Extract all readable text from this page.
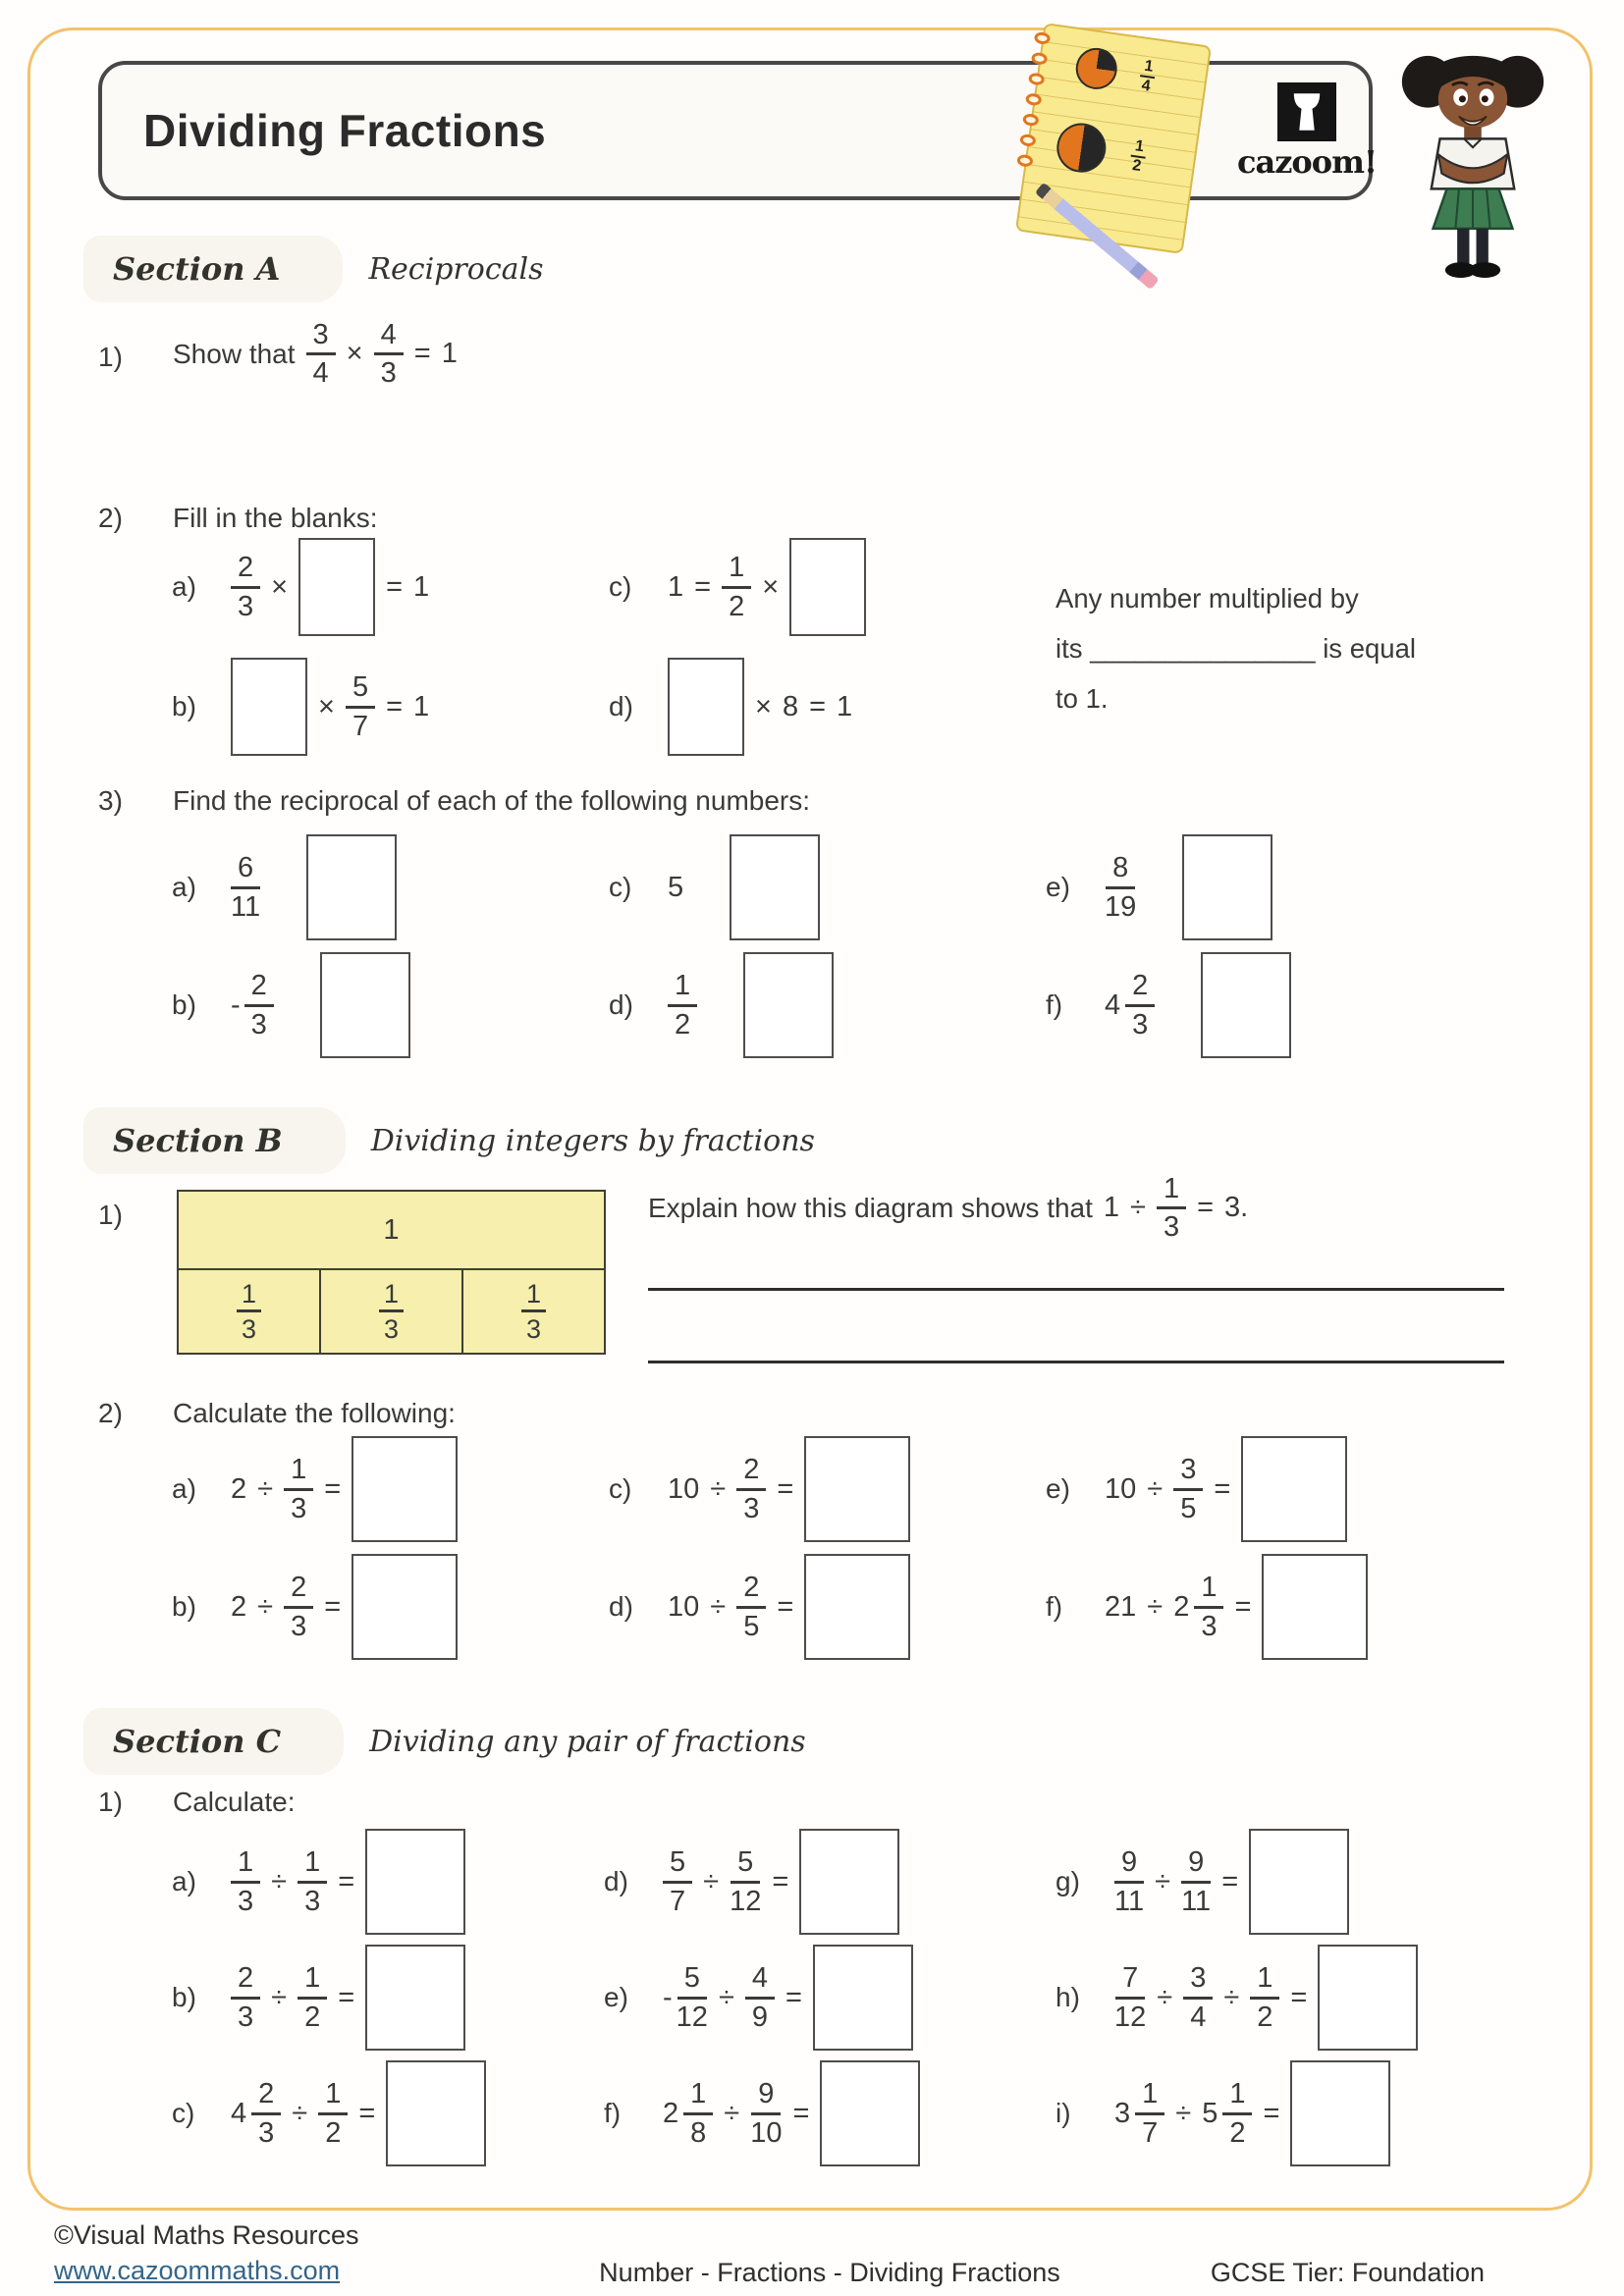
Dividing Fractions
$\frac{1}{4}$
$\frac{1}{2}$	cazoom!
Section A	Reciprocals
1)	Show that $\frac{3}{4} \times \frac{4}{3} = 1$
2)	Fill in the blanks:
a)	$\frac{2}{3}$ ×	= 1	c)	$1 = \frac{1}{2}$ ×
b)	× $\frac{5}{7} = 1$	d)	× 8 = 1
Any number multiplied by
its _______________ is equal
to 1.
3)	Find the reciprocal of each of the following numbers:
a)	$\frac{6}{11}$	c)	5	e)	$\frac{8}{19}$
b)	- $\frac{2}{3}$	d)	$\frac{1}{2}$	f)	$4 \frac{2}{3}$
Section B	Dividing integers by fractions
1)	1
$\frac{1}{3}$	$\frac{1}{3}$	$\frac{1}{3}$
Explain how this diagram shows that $1 \div \frac{1}{3} = 3$.
2)	Calculate the following:
a)	$2 \div \frac{1}{3}$ =	c)	$10 \div \frac{2}{3}$ =	e)	$10 \div \frac{3}{5}$ =
b)	$2 \div \frac{2}{3}$ =	d)	$10 \div \frac{2}{5}$ =	f)	$21 \div 2 \frac{1}{3}$ =
Section C	Dividing any pair of fractions
1)	Calculate:
a)	$\frac{1}{3} \div \frac{1}{3}$ =	d)	$\frac{5}{7} \div \frac{5}{12}$ =	g)	$\frac{9}{11} \div \frac{9}{11}$ =
b)	$\frac{2}{3} \div \frac{1}{2}$ =	e)	- $\frac{5}{12} \div \frac{4}{9}$ =	h)	$\frac{7}{12} \div \frac{3}{4} \div \frac{1}{2}$ =
c)	$4 \frac{2}{3} \div \frac{1}{2}$ =	f)	$2 \frac{1}{8} \div \frac{9}{10}$ =	i)	$3 \frac{1}{7} \div 5 \frac{1}{2}$ =
©Visual Maths Resources
www.cazoommaths.com	Number - Fractions - Dividing Fractions	GCSE Tier: Foundation
